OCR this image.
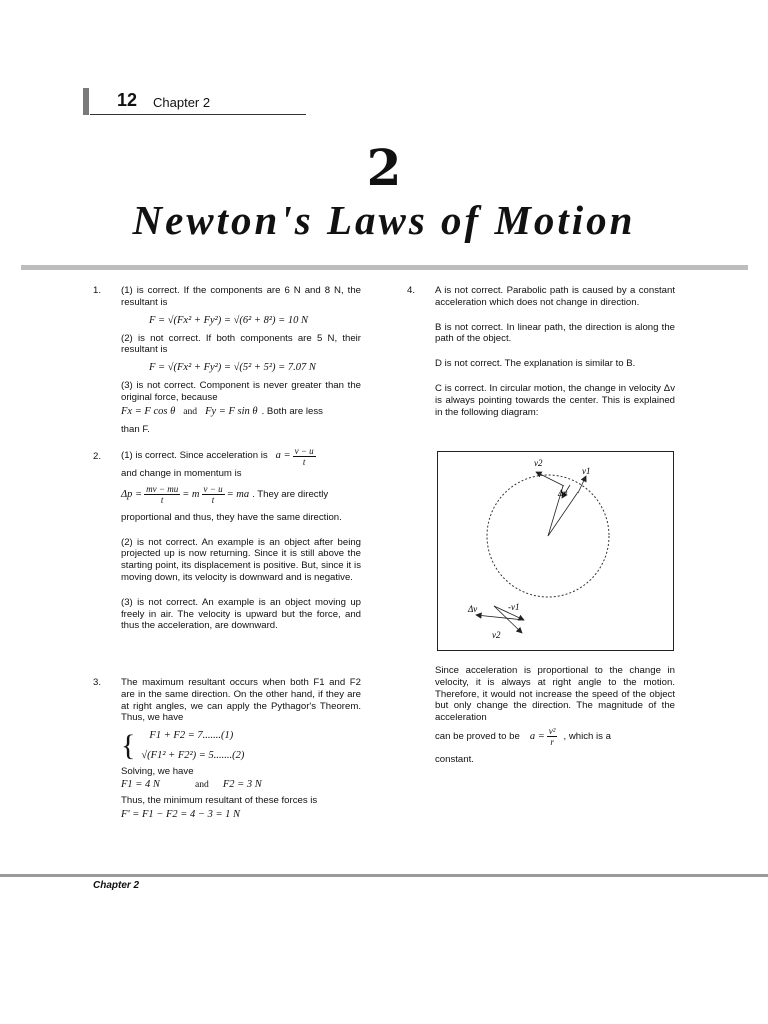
12 Chapter 2
2
Newton's Laws of Motion
1. (1) is correct. If the components are 6 N and 8 N, the resultant is

F = √(Fx² + Fy²) = √(6² + 8²) = 10 N

(2) is not correct. If both components are 5 N, their resultant is

F = √(Fx² + Fy²) = √(5² + 5²) = 7.07 N

(3) is not correct. Component is never greater than the original force, because

Fx = F cos θ and Fy = F sin θ . Both are less

than F.

2. (1) is correct. Since acceleration is $a = \frac{v - u}{t}$

and change in momentum is

$\Delta p = \frac{mv - mu}{t} = m \frac{v - u}{t}$ = ma . They are directly

proportional and thus, they have the same direction.

(2) is not correct. An example is an object after being projected up is now returning. Since it is still above the starting point, its displacement is positive. But, since it is moving down, its velocity is downward and is negative.

(3) is not correct. An example is an object moving up freely in air. The velocity is upward but the force, and thus the acceleration, are downward.

3. The maximum resultant occurs when both F1 and F2 are in the same direction. On the other hand, if they are at right angles, we can apply the Pythagor's Theorem. Thus, we have

{	F1 + F2 = 7.......(1)
√(F1² + F2²) = 5.......(2)

Solving, we have

F1 = 4 N	and F2 = 3 N

Thus, the minimum resultant of these forces is

F' = F1 − F2 = 4 − 3 = 1 N
4. A is not correct. Parabolic path is caused by a constant acceleration which does not change in direction.

B is not correct. In linear path, the direction is along the path of the object.

D is not correct. The explanation is similar to B.

C is correct. In circular motion, the change in velocity Δv is always pointing towards the center. This is explained in the following diagram:

v2
v1
Δv
Δv	-v1
v2

Since acceleration is proportional to the change in velocity, it is always at right angle to the motion. Therefore, it would not increase the speed of the object but only change the direction. The magnitude of the acceleration

can be proved to be $a = \frac{\text{v²}}{r}$ , which is a

constant.

Chapter 2
